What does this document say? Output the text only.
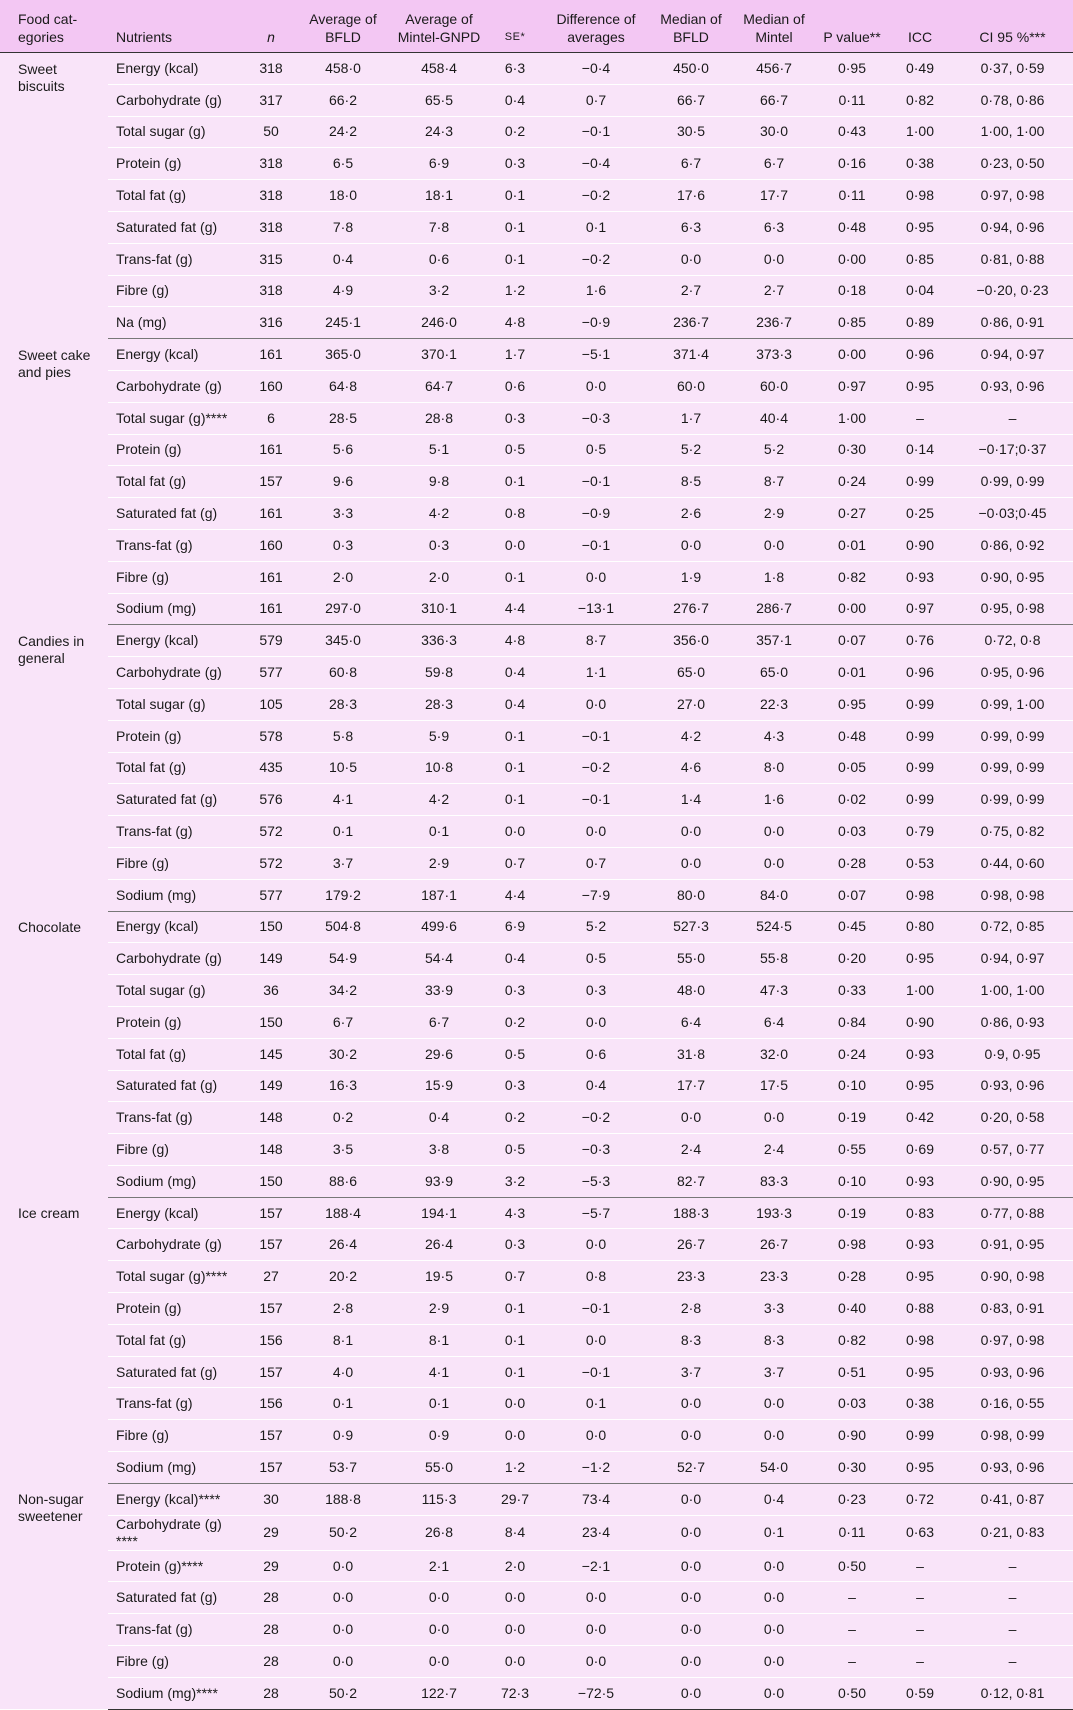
Food cat-egories	Nutrients	n	Average of BFLD	Average of Mintel-GNPD	SE*	Difference of averages	Median of BFLD	Median of Mintel	P value**	ICC	CI 95 %***
Sweet biscuits	Energy (kcal)	318	458·0	458·4	6·3	−0·4	450·0	456·7	0·95	0·49	0·37, 0·59
	Carbohydrate (g)	317	66·2	65·5	0·4	0·7	66·7	66·7	0·11	0·82	0·78, 0·86
	Total sugar (g)	50	24·2	24·3	0·2	−0·1	30·5	30·0	0·43	1·00	1·00, 1·00
	Protein (g)	318	6·5	6·9	0·3	−0·4	6·7	6·7	0·16	0·38	0·23, 0·50
	Total fat (g)	318	18·0	18·1	0·1	−0·2	17·6	17·7	0·11	0·98	0·97, 0·98
	Saturated fat (g)	318	7·8	7·8	0·1	0·1	6·3	6·3	0·48	0·95	0·94, 0·96
	Trans-fat (g)	315	0·4	0·6	0·1	−0·2	0·0	0·0	0·00	0·85	0·81, 0·88
	Fibre (g)	318	4·9	3·2	1·2	1·6	2·7	2·7	0·18	0·04	−0·20, 0·23
	Na (mg)	316	245·1	246·0	4·8	−0·9	236·7	236·7	0·85	0·89	0·86, 0·91
Sweet cake and pies	Energy (kcal)	161	365·0	370·1	1·7	−5·1	371·4	373·3	0·00	0·96	0·94, 0·97
	Carbohydrate (g)	160	64·8	64·7	0·6	0·0	60·0	60·0	0·97	0·95	0·93, 0·96
	Total sugar (g)****	6	28·5	28·8	0·3	−0·3	1·7	40·4	1·00	–	–
	Protein (g)	161	5·6	5·1	0·5	0·5	5·2	5·2	0·30	0·14	−0·17;0·37
	Total fat (g)	157	9·6	9·8	0·1	−0·1	8·5	8·7	0·24	0·99	0·99, 0·99
	Saturated fat (g)	161	3·3	4·2	0·8	−0·9	2·6	2·9	0·27	0·25	−0·03;0·45
	Trans-fat (g)	160	0·3	0·3	0·0	−0·1	0·0	0·0	0·01	0·90	0·86, 0·92
	Fibre (g)	161	2·0	2·0	0·1	0·0	1·9	1·8	0·82	0·93	0·90, 0·95
	Sodium (mg)	161	297·0	310·1	4·4	−13·1	276·7	286·7	0·00	0·97	0·95, 0·98
Candies in general	Energy (kcal)	579	345·0	336·3	4·8	8·7	356·0	357·1	0·07	0·76	0·72, 0·8
	Carbohydrate (g)	577	60·8	59·8	0·4	1·1	65·0	65·0	0·01	0·96	0·95, 0·96
	Total sugar (g)	105	28·3	28·3	0·4	0·0	27·0	22·3	0·95	0·99	0·99, 1·00
	Protein (g)	578	5·8	5·9	0·1	−0·1	4·2	4·3	0·48	0·99	0·99, 0·99
	Total fat (g)	435	10·5	10·8	0·1	−0·2	4·6	8·0	0·05	0·99	0·99, 0·99
	Saturated fat (g)	576	4·1	4·2	0·1	−0·1	1·4	1·6	0·02	0·99	0·99, 0·99
	Trans-fat (g)	572	0·1	0·1	0·0	0·0	0·0	0·0	0·03	0·79	0·75, 0·82
	Fibre (g)	572	3·7	2·9	0·7	0·7	0·0	0·0	0·28	0·53	0·44, 0·60
	Sodium (mg)	577	179·2	187·1	4·4	−7·9	80·0	84·0	0·07	0·98	0·98, 0·98
Chocolate	Energy (kcal)	150	504·8	499·6	6·9	5·2	527·3	524·5	0·45	0·80	0·72, 0·85
	Carbohydrate (g)	149	54·9	54·4	0·4	0·5	55·0	55·8	0·20	0·95	0·94, 0·97
	Total sugar (g)	36	34·2	33·9	0·3	0·3	48·0	47·3	0·33	1·00	1·00, 1·00
	Protein (g)	150	6·7	6·7	0·2	0·0	6·4	6·4	0·84	0·90	0·86, 0·93
	Total fat (g)	145	30·2	29·6	0·5	0·6	31·8	32·0	0·24	0·93	0·9, 0·95
	Saturated fat (g)	149	16·3	15·9	0·3	0·4	17·7	17·5	0·10	0·95	0·93, 0·96
	Trans-fat (g)	148	0·2	0·4	0·2	−0·2	0·0	0·0	0·19	0·42	0·20, 0·58
	Fibre (g)	148	3·5	3·8	0·5	−0·3	2·4	2·4	0·55	0·69	0·57, 0·77
	Sodium (mg)	150	88·6	93·9	3·2	−5·3	82·7	83·3	0·10	0·93	0·90, 0·95
Ice cream	Energy (kcal)	157	188·4	194·1	4·3	−5·7	188·3	193·3	0·19	0·83	0·77, 0·88
	Carbohydrate (g)	157	26·4	26·4	0·3	0·0	26·7	26·7	0·98	0·93	0·91, 0·95
	Total sugar (g)****	27	20·2	19·5	0·7	0·8	23·3	23·3	0·28	0·95	0·90, 0·98
	Protein (g)	157	2·8	2·9	0·1	−0·1	2·8	3·3	0·40	0·88	0·83, 0·91
	Total fat (g)	156	8·1	8·1	0·1	0·0	8·3	8·3	0·82	0·98	0·97, 0·98
	Saturated fat (g)	157	4·0	4·1	0·1	−0·1	3·7	3·7	0·51	0·95	0·93, 0·96
	Trans-fat (g)	156	0·1	0·1	0·0	0·1	0·0	0·0	0·03	0·38	0·16, 0·55
	Fibre (g)	157	0·9	0·9	0·0	0·0	0·0	0·0	0·90	0·99	0·98, 0·99
	Sodium (mg)	157	53·7	55·0	1·2	−1·2	52·7	54·0	0·30	0·95	0·93, 0·96
Non-sugar sweetener	Energy (kcal)****	30	188·8	115·3	29·7	73·4	0·0	0·4	0·23	0·72	0·41, 0·87
	Carbohydrate (g) ****	29	50·2	26·8	8·4	23·4	0·0	0·1	0·11	0·63	0·21, 0·83
	Protein (g)****	29	0·0	2·1	2·0	−2·1	0·0	0·0	0·50	–	–
	Saturated fat (g)	28	0·0	0·0	0·0	0·0	0·0	0·0	–	–	–
	Trans-fat (g)	28	0·0	0·0	0·0	0·0	0·0	0·0	–	–	–
	Fibre (g)	28	0·0	0·0	0·0	0·0	0·0	0·0	–	–	–
	Sodium (mg)****	28	50·2	122·7	72·3	−72·5	0·0	0·0	0·50	0·59	0·12, 0·81
